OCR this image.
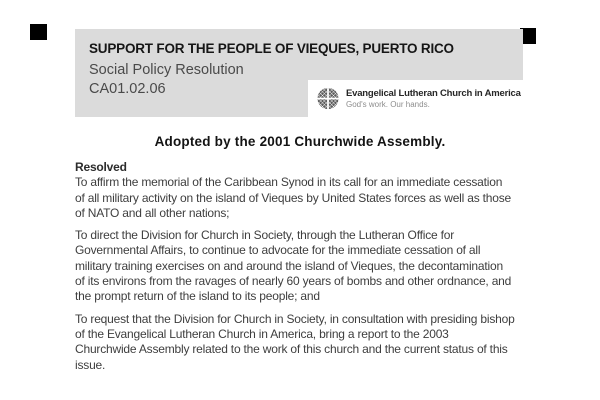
SUPPORT FOR THE PEOPLE OF VIEQUES, PUERTO RICO
Social Policy Resolution
CA01.02.06	Evangelical Lutheran Church in America
God's work. Our hands.
Adopted by the 2001 Churchwide Assembly.
Resolved

To affirm the memorial of the Caribbean Synod in its call for an immediate cessation
of all military activity on the island of Vieques by United States forces as well as those
of NATO and all other nations;

To direct the Division for Church in Society, through the Lutheran Office for
Governmental Affairs, to continue to advocate for the immediate cessation of all
military training exercises on and around the island of Vieques, the decontamination
of its environs from the ravages of nearly 60 years of bombs and other ordnance, and
the prompt return of the island to its people; and

To request that the Division for Church in Society, in consultation with presiding bishop
of the Evangelical Lutheran Church in America, bring a report to the 2003
Churchwide Assembly related to the work of this church and the current status of this
issue.
